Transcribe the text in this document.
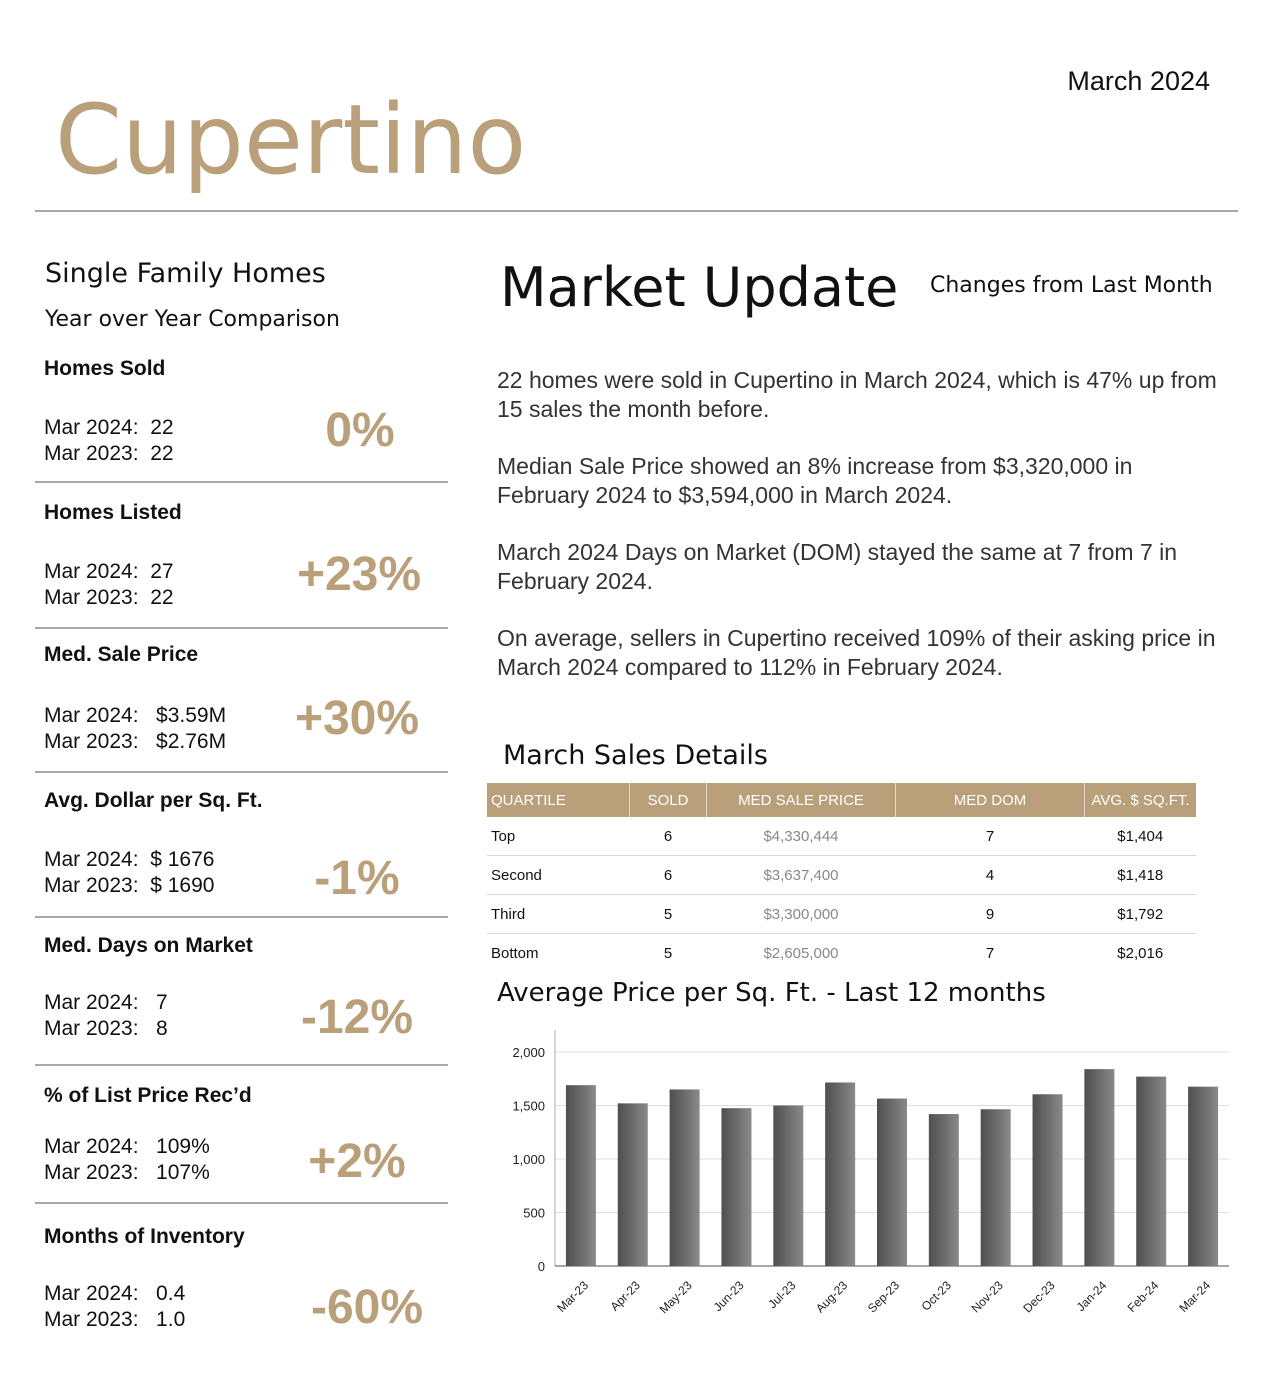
Cupertino
March 2024
Single Family Homes
Year over Year Comparison
Homes Sold
Mar 2024:  22
Mar 2023:  22	0%
Homes Listed
Mar 2024:  27
Mar 2023:  22	+23%
Med. Sale Price
Mar 2024:   $3.59M
Mar 2023:   $2.76M	+30%
Avg. Dollar per Sq. Ft.
Mar 2024:  $ 1676
Mar 2023:  $ 1690	-1%
Med. Days on Market
Mar 2024:   7
Mar 2023:   8	-12%
% of List Price Rec’d
Mar 2024:   109%
Mar 2023:   107%	+2%
Months of Inventory
Mar 2024:   0.4
Mar 2023:   1.0	-60%
Market Update Changes from Last Month
22 homes were sold in Cupertino in March 2024, which is 47% up from 15 sales the month before.
Median Sale Price showed an 8% increase from $3,320,000 in February 2024 to $3,594,000 in March 2024.
March 2024 Days on Market (DOM) stayed the same at 7 from 7 in February 2024.
On average, sellers in Cupertino received 109% of their asking price in March 2024 compared to 112% in February 2024.
March Sales Details
QUARTILE	SOLD	MED SALE PRICE	MED DOM	AVG. $ SQ.FT.
Top	6	$4,330,444	7	$1,404
Second	6	$3,637,400	4	$1,418
Third	5	$3,300,000	9	$1,792
Bottom	5	$2,605,000	7	$2,016
Average Price per Sq. Ft. - Last 12 months
0
500
1,000
1,500
2,000
Mar-23 Apr-23 May-23 Jun-23 Jul-23 Aug-23 Sep-23 Oct-23 Nov-23 Dec-23 Jan-24 Feb-24 Mar-24
